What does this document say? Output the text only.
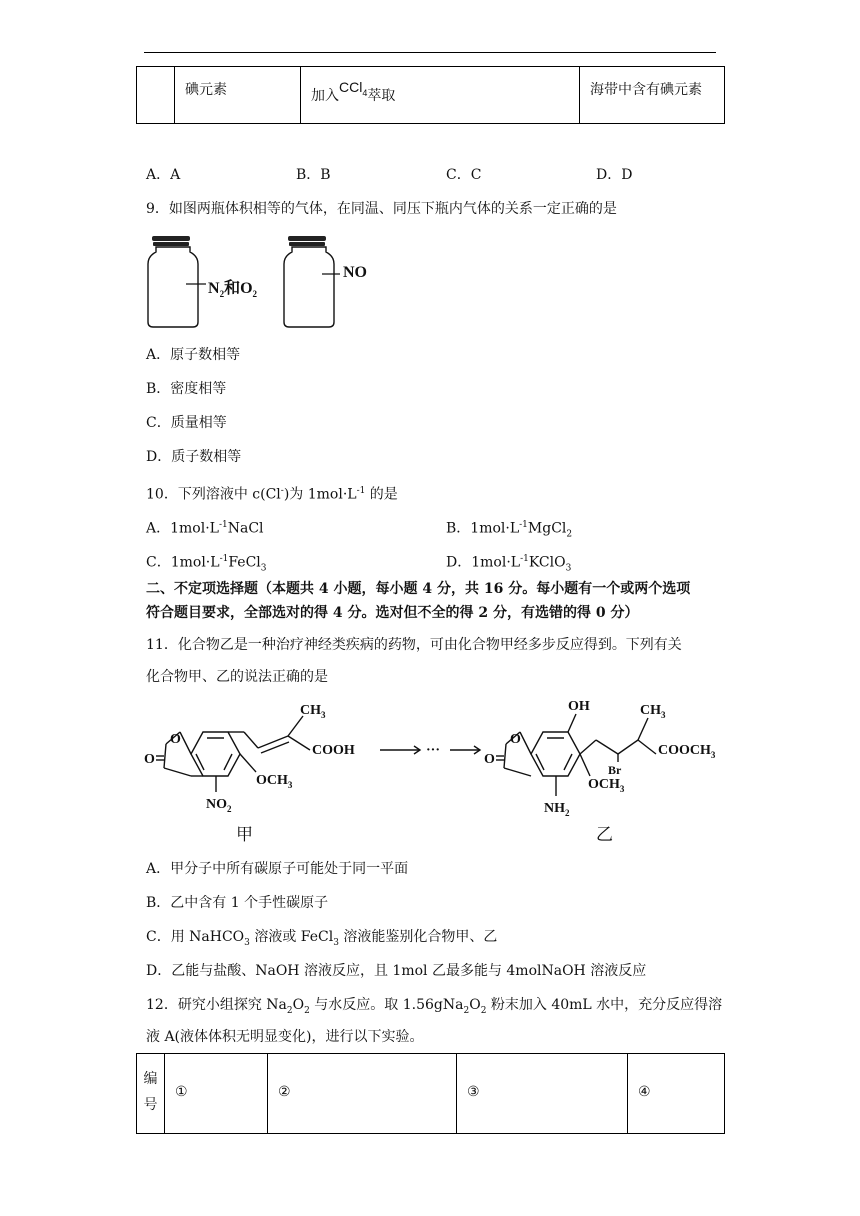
	碘元素	加入CCl$_4$萃取	海带中含有碘元素
A．A	B．B	C．C	D．D
9．如图两瓶体积相等的气体，在同温、同压下瓶内气体的关系一定正确的是
$N_2$和$O_2$
NO
A．原子数相等
B．密度相等
C．质量相等
D．质子数相等
10．下列溶液中 c(Cl-)为 $1mol\cdot L^{-1}$ 的是
A．$1mol\cdot L^{-1}NaCl$	B．$1mol\cdot L^{-1}MgCl_2$
C．$1mol\cdot L^{-1}FeCl_3$	D．$1mol\cdot L^{-1}KClO_3$
二、不定项选择题（本题共 4 小题，每小题 4 分，共 16 分。每小题有一个或两个选项
符合题目要求，全部选对的得 4 分。选对但不全的得 2 分，有选错的得 0 分）
11．化合物乙是一种治疗神经类疾病的药物，可由化合物甲经多步反应得到。下列有关
化合物甲、乙的说法正确的是
O
O
$CH_3$
COOH
$OCH_3$
$NO_2$
···
O
O
OH	$CH_3$
Br
$COOCH_3$
$OCH_3$
$NH_2$
甲	乙
A．甲分子中所有碳原子可能处于同一平面
B．乙中含有 1 个手性碳原子
C．用 NaHCO$_3$ 溶液或 FeCl$_3$ 溶液能鉴别化合物甲、乙
D．乙能与盐酸、NaOH 溶液反应，且 1mol 乙最多能与 4molNaOH 溶液反应
12．研究小组探究 $Na_2O_2$ 与水反应。取 $1.56gNa_2O_2$ 粉末加入 40mL 水中，充分反应得溶
液 A(液体体积无明显变化)，进行以下实验。
编
号
	①	②	③	④
